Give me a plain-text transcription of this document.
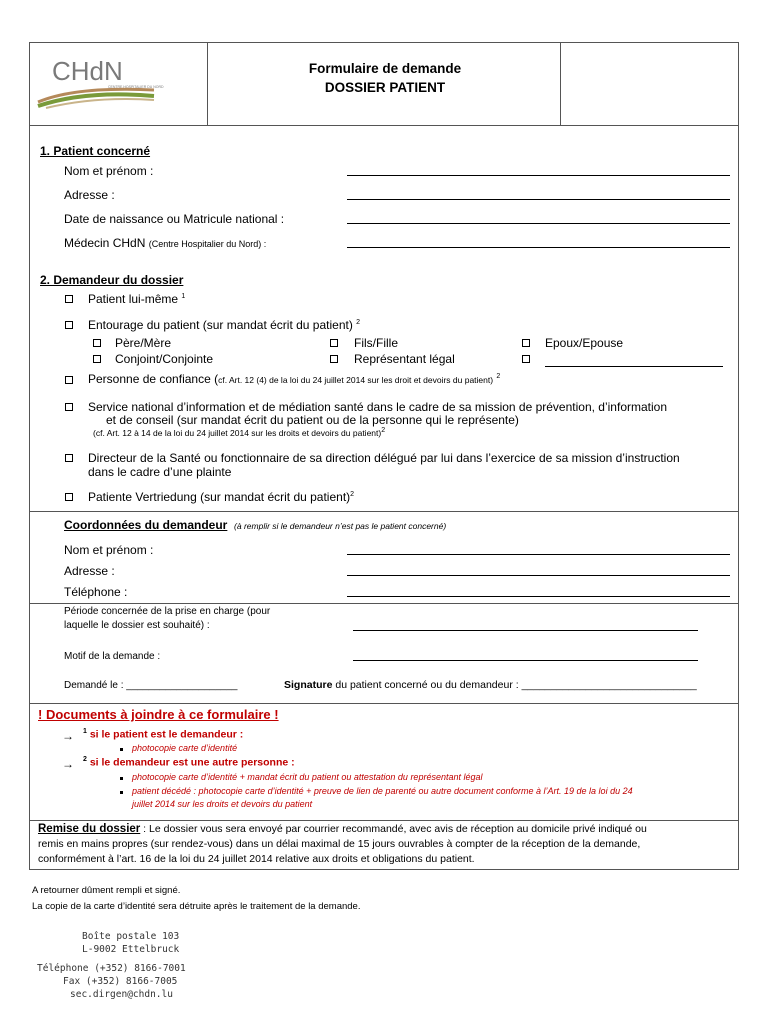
CHdN
CENTRE HOSPITALIER DU NORD
Formulaire de demande
DOSSIER PATIENT
1. Patient concerné
Nom et prénom :
Adresse :
Date de naissance ou Matricule national :
Médecin CHdN (Centre Hospitalier du Nord) :
2. Demandeur du dossier
Patient lui-même $^1$
Entourage du patient (sur mandat écrit du patient) $^2$
Père/Mère	Fils/Fille	Epoux/Epouse
Conjoint/Conjointe	Représentant légal
Personne de confiance (cf. Art. 12 (4) de la loi du 24 juillet 2014 sur les droit et devoirs du patient) $^2$
Service national d’information et de médiation santé dans le cadre de sa mission de prévention, d’information
et de conseil (sur mandat écrit du patient ou de la personne qui le représente)
(cf. Art. 12 à 14 de la loi du 24 juillet 2014 sur les droits et devoirs du patient)$^2$
Directeur de la Santé ou fonctionnaire de sa direction délégué par lui dans l’exercice de sa mission d’instruction
dans le cadre d’une plainte
Patiente Vertriedung (sur mandat écrit du patient)$^2$
Coordonnées du demandeur (à remplir si le demandeur n’est pas le patient concerné)
Nom et prénom :
Adresse :
Téléphone :
Période concernée de la prise en charge (pour
laquelle le dossier est souhaité) :
Motif de la demande :
Demandé le : ____________________	Signature du patient concerné ou du demandeur : ______________________________
! Documents à joindre à ce formulaire !
→ $^1$ si le patient est le demandeur :
photocopie carte d’identité
→ $^2$ si le demandeur est une autre personne :
photocopie carte d’identité + mandat écrit du patient ou attestation du représentant légal
patient décédé : photocopie carte d’identité + preuve de lien de parenté ou autre document conforme à l’Art. 19 de la loi du 24
juillet 2014 sur les droits et devoirs du patient
Remise du dossier : Le dossier vous sera envoyé par courrier recommandé, avec avis de réception au domicile privé indiqué ou
remis en mains propres (sur rendez-vous) dans un délai maximal de 15 jours ouvrables à compter de la réception de la demande,
conformément à l’art. 16 de la loi du 24 juillet 2014 relative aux droits et obligations du patient.
A retourner dûment rempli et signé.
La copie de la carte d’identité sera détruite après le traitement de la demande.
Boîte postale 103
L-9002 Ettelbruck
Téléphone (+352) 8166-7001
Fax (+352) 8166-7005
sec.dirgen@chdn.lu
